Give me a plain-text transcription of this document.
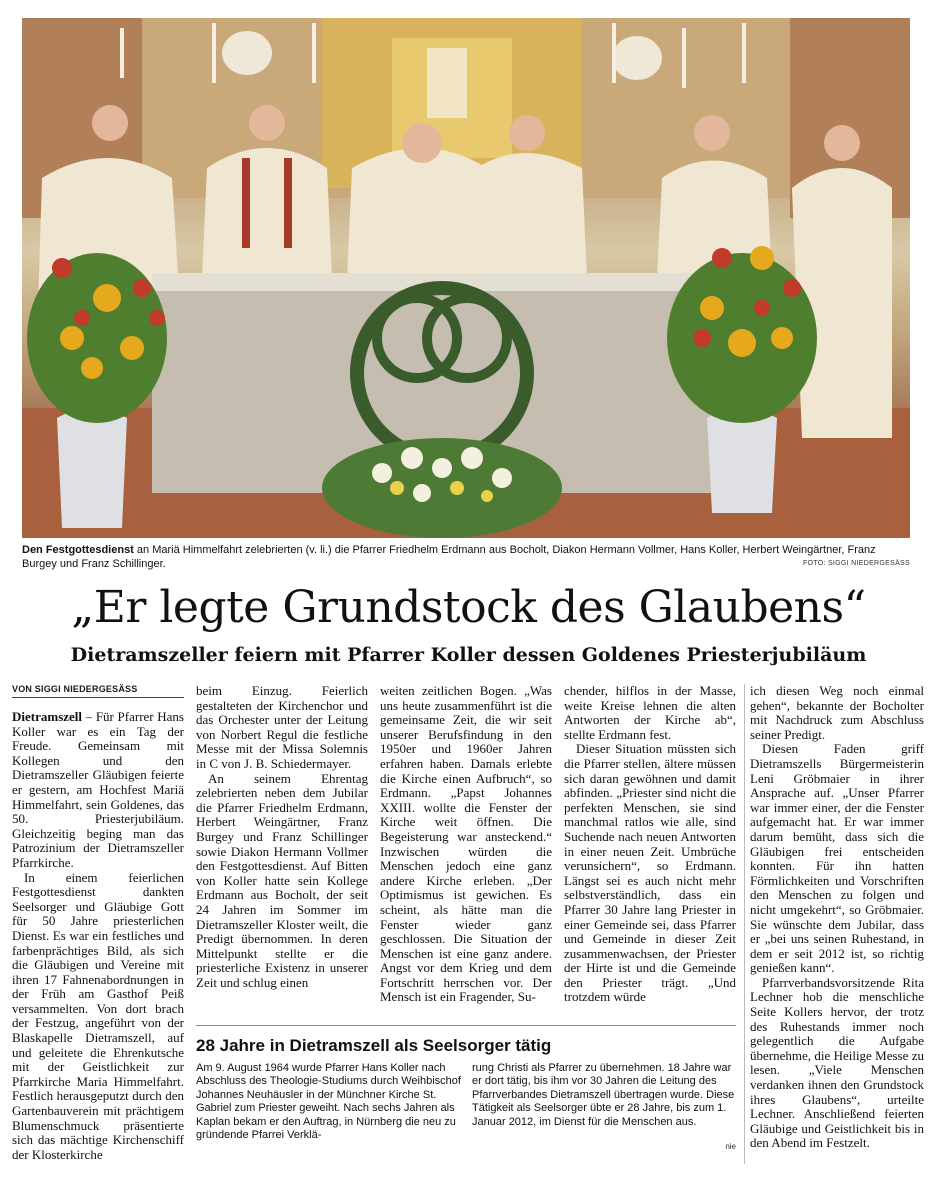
Den Festgottesdienst an Mariä Himmelfahrt zelebrierten (v. li.) die Pfarrer Friedhelm Erdmann aus Bocholt, Diakon Hermann Vollmer, Hans Koller, Herbert Weingärtner, Franz Burgey und Franz Schillinger.	FOTO: SIGGI NIEDERGESÄSS
„Er legte Grundstock des Glaubens“
Dietramszeller feiern mit Pfarrer Koller dessen Goldenes Priesterjubiläum
VON SIGGI NIEDERGESÄSS

Dietramszell – Für Pfarrer Hans Koller war es ein Tag der Freude. Gemeinsam mit Kollegen und den Dietramszeller Gläubigen feierte er gestern, am Hochfest Mariä Himmelfahrt, sein Goldenes, das 50. Priesterjubiläum. Gleichzeitig beging man das Patrozinium der Dietramszeller Pfarrkirche.

In einem feierlichen Festgottesdienst dankten Seelsorger und Gläubige Gott für 50 Jahre priesterlichen Dienst. Es war ein festliches und farbenprächtiges Bild, als sich die Gläubigen und Vereine mit ihren 17 Fahnenabordnungen in der Früh am Gasthof Peiß versammelten. Von dort brach der Festzug, angeführt von der Blaskapelle Dietramszell, auf und geleitete die Ehrenkutsche mit der Geistlichkeit zur Pfarrkirche Maria Himmelfahrt. Festlich herausgeputzt durch den Gartenbauverein mit prächtigem Blumenschmuck präsentierte sich das mächtige Kirchenschiff der Klosterkirche

beim Einzug. Feierlich gestalteten der Kirchenchor und das Orchester unter der Leitung von Norbert Regul die festliche Messe mit der Missa Solemnis in C von J. B. Schiedermayer.

An seinem Ehrentag zelebrierten neben dem Jubilar die Pfarrer Friedhelm Erdmann, Herbert Weingärtner, Franz Burgey und Franz Schillinger sowie Diakon Hermann Vollmer den Festgottesdienst. Auf Bitten von Koller hatte sein Kollege Erdmann aus Bocholt, der seit 24 Jahren im Sommer im Dietramszeller Kloster weilt, die Predigt übernommen. In deren Mittelpunkt stellte er die priesterliche Existenz in unserer Zeit und schlug einen

weiten zeitlichen Bogen. „Was uns heute zusammenführt ist die gemeinsame Zeit, die wir seit unserer Berufsfindung in den 1950er und 1960er Jahren erfahren haben. Damals erlebte die Kirche einen Aufbruch“, so Erdmann. „Papst Johannes XXIII. wollte die Fenster der Kirche weit öffnen. Die Begeisterung war ansteckend.“ Inzwischen würden die Menschen jedoch eine ganz andere Kirche erleben. „Der Optimismus ist gewichen. Es scheint, als hätte man die Fenster wieder ganz geschlossen. Die Situation der Menschen ist eine ganz andere. Angst vor dem Krieg und dem Fortschritt herrschen vor. Der Mensch ist ein Fragender, Su-

chender, hilflos in der Masse, weite Kreise lehnen die alten Antworten der Kirche ab“, stellte Erdmann fest.

Dieser Situation müssten sich die Pfarrer stellen, ältere müssen sich daran gewöhnen und damit abfinden. „Priester sind nicht die perfekten Menschen, sie sind manchmal ratlos wie alle, sind Suchende nach neuen Antworten in einer neuen Zeit. Umbrüche verunsichern“, so Erdmann. Längst sei es auch nicht mehr selbstverständlich, dass ein Pfarrer 30 Jahre lang Priester in einer Gemeinde sei, dass Pfarrer und Gemeinde in dieser Zeit zusammenwachsen, der Priester der Hirte ist und die Gemeinde den Priester trägt. „Und trotzdem würde

ich diesen Weg noch einmal gehen“, bekannte der Bocholter mit Nachdruck zum Abschluss seiner Predigt.

Diesen Faden griff Dietramszells Bürgermeisterin Leni Gröbmaier in ihrer Ansprache auf. „Unser Pfarrer war immer einer, der die Fenster aufgemacht hat. Er war immer darum bemüht, dass sich die Gläubigen frei entscheiden konnten. Für ihn hatten Förmlichkeiten und Vorschriften den Menschen zu folgen und nicht umgekehrt“, so Gröbmaier. Sie wünschte dem Jubilar, dass er „bei uns seinen Ruhestand, in dem er seit 2012 ist, so richtig genießen kann“.

Pfarrverbandsvorsitzende Rita Lechner hob die menschliche Seite Kollers hervor, der trotz des Ruhestands immer noch gelegentlich die Aufgabe übernehme, die Heilige Messe zu lesen. „Viele Menschen verdanken ihnen den Grundstock ihres Glaubens“, urteilte Lechner. Anschließend feierten Gläubige und Geistlichkeit bis in den Abend im Festzelt.

28 Jahre in Dietramszell als Seelsorger tätig
Am 9. August 1964 wurde Pfarrer Hans Koller nach Abschluss des Theologie-Studiums durch Weihbischof Johannes Neuhäusler in der Münchner Kirche St. Gabriel zum Priester geweiht. Nach sechs Jahren als Kaplan bekam er den Auftrag, in Nürnberg die neu zu gründende Pfarrei Verklä-
rung Christi als Pfarrer zu übernehmen. 18 Jahre war er dort tätig, bis ihm vor 30 Jahren die Leitung des Pfarrverbandes Dietramszell übertragen wurde. Diese Tätigkeit als Seelsorger übte er 28 Jahre, bis zum 1. Januar 2012, im Dienst für die Menschen aus.
nie
